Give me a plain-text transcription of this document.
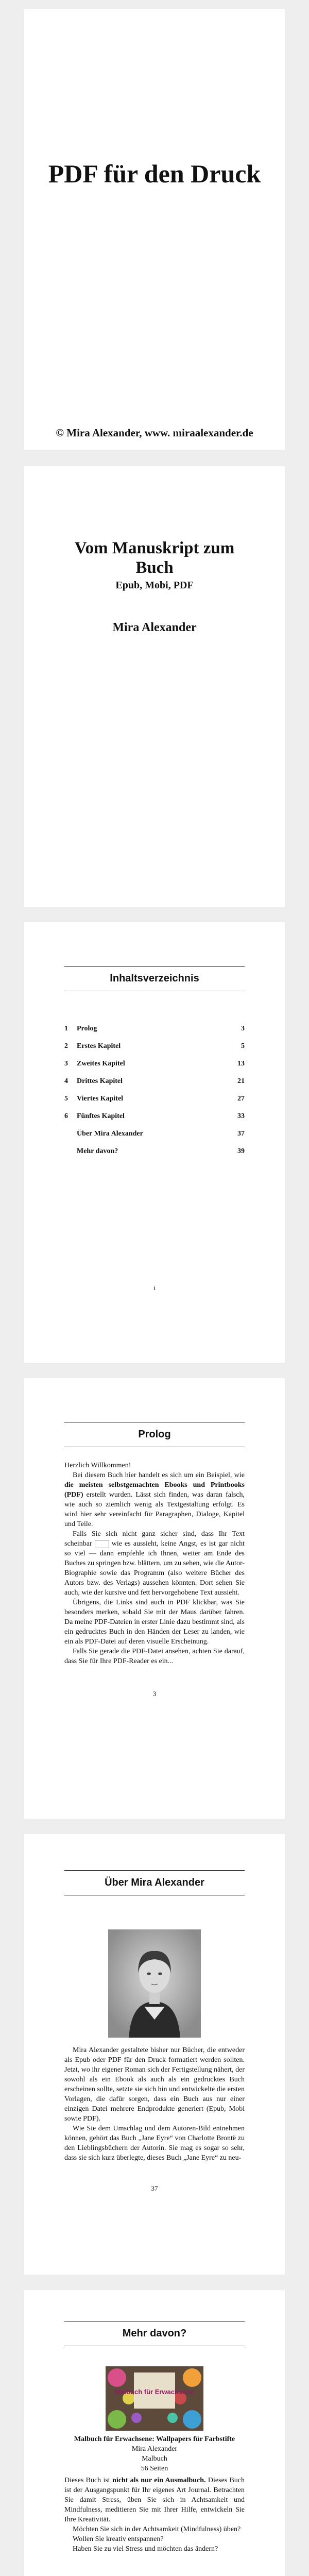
PDF für den Druck
© Mira Alexander, www. miraalexander.de
Vom Manuskript zum Buch
Epub, Mobi, PDF
Mira Alexander
Inhaltsverzeichnis
1	Prolog	3
2	Erstes Kapitel	5
3	Zweites Kapitel	13
4	Drittes Kapitel	21
5	Viertes Kapitel	27
6	Fünftes Kapitel	33
Über Mira Alexander	37
Mehr davon?	39
i
Prolog

Herzlich Willkommen!

Bei diesem Buch hier handelt es sich um ein Beispiel, wie die meisten selbstgemachten Ebooks und Printbooks (PDF) erstellt wurden. Lässt sich finden, was daran falsch, wie auch so ziemlich wenig als Textgestaltung erfolgt. Es wird hier sehr vereinfacht für Paragraphen, Dialoge, Kapitel und Teile.

Falls Sie sich nicht ganz sicher sind, dass Ihr Text scheinbar	wie es aussieht, keine Angst, es ist gar nicht so viel — dann empfehle ich Ihnen, weiter am Ende des Buches zu springen bzw. blättern, um zu sehen, wie die Autor-Biographie sowie das Programm (also weitere Bücher des Autors bzw. des Verlags) aussehen könnten. Dort sehen Sie auch, wie der kursive und fett hervorgehobene Text aussieht.

Übrigens, die Links sind auch in PDF klickbar, was Sie besonders merken, sobald Sie mit der Maus darüber fahren. Da meine PDF-Dateien in erster Linie dazu bestimmt sind, als ein gedrucktes Buch in den Händen der Leser zu landen, wie ein als PDF-Datei auf deren visuelle Erscheinung.

Falls Sie gerade die PDF-Datei ansehen, achten Sie darauf, dass Sie für Ihre PDF-Reader es ein...

3
Über Mira Alexander

Mira Alexander gestaltete bisher nur Bücher, die entweder als Epub oder PDF für den Druck formatiert werden sollten. Jetzt, wo ihr eigener Roman sich der Fertigstellung nähert, der sowohl als ein Ebook als auch als ein gedrucktes Buch erscheinen sollte, setzte sie sich hin und entwickelte die ersten Vorlagen, die dafür sorgen, dass ein Buch aus nur einer einzigen Datei mehrere Endprodukte generiert (Epub, Mobi sowie PDF).

Wie Sie dem Umschlag und dem Autoren-Bild entnehmen können, gehört das Buch „Jane Eyre“ von Charlotte Brontë zu den Lieblingsbüchern der Autorin. Sie mag es sogar so sehr, dass sie sich kurz überlegte, dieses Buch „Jane Eyre“ zu neu-

37
Mehr davon?
Malbuch für Erwachsene
Malbuch für Erwachsene: Wallpapers für Farbstifte
Mira Alexander
Malbuch
56 Seiten

Dieses Buch ist nicht als nur ein Ausmalbuch. Dieses Buch ist der Ausgangspunkt für Ihr eigenes Art Journal. Betrachten Sie damit Stress, üben Sie sich in Achtsamkeit und Mindfulness, meditieren Sie mit Ihrer Hilfe, entwickeln Sie Ihre Kreativität.

Möchten Sie sich in der Achtsamkeit (Mindfulness) üben?

Wollen Sie kreativ entspannen?

Haben Sie zu viel Stress und möchten das ändern?
